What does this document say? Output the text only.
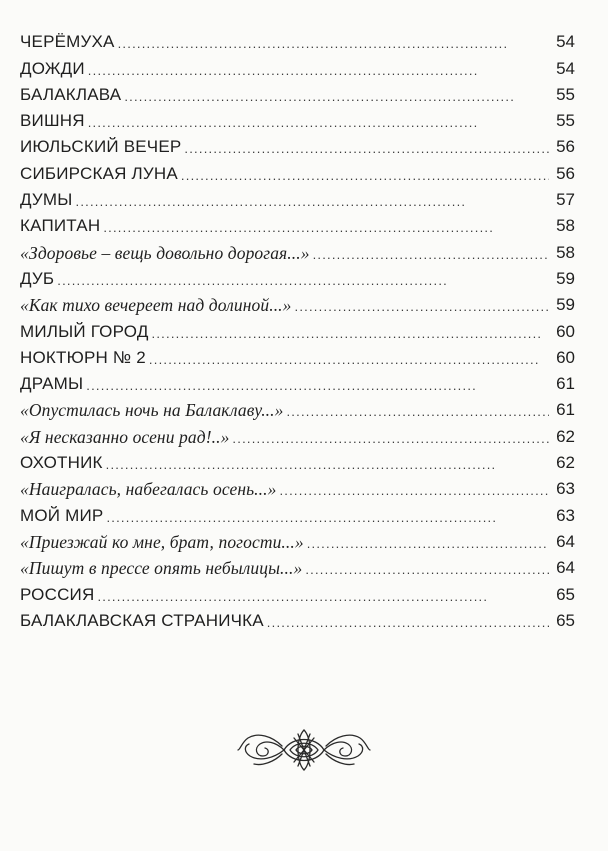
ЧЕРЁМУХА . . .	54
ДОЖДИ . . .	54
БАЛАКЛАВА . . .	55
ВИШНЯ . . .	55
ИЮЛЬСКИЙ ВЕЧЕР . . .	56
СИБИРСКАЯ ЛУНА . . .	56
ДУМЫ . . .	57
КАПИТАН . . .	58
«Здоровье – вещь довольно дорогая...» . . .	58
ДУБ . . .	59
«Как тихо вечереет над долиной...» . . .	59
МИЛЫЙ ГОРОД . . .	60
НОКТЮРН № 2 . . .	60
ДРАМЫ . . .	61
«Опустилась ночь на Балаклаву...» . . .	61
«Я несказанно осени рад!..» . . .	62
ОХОТНИК . . .	62
«Наигралась, набегалась осень...» . . .	63
МОЙ МИР . . .	63
«Приезжай ко мне, брат, погости...» . . .	64
«Пишут в прессе опять небылицы...» . . .	64
РОССИЯ . . .	65
БАЛАКЛАВСКАЯ СТРАНИЧКА . . .	65
